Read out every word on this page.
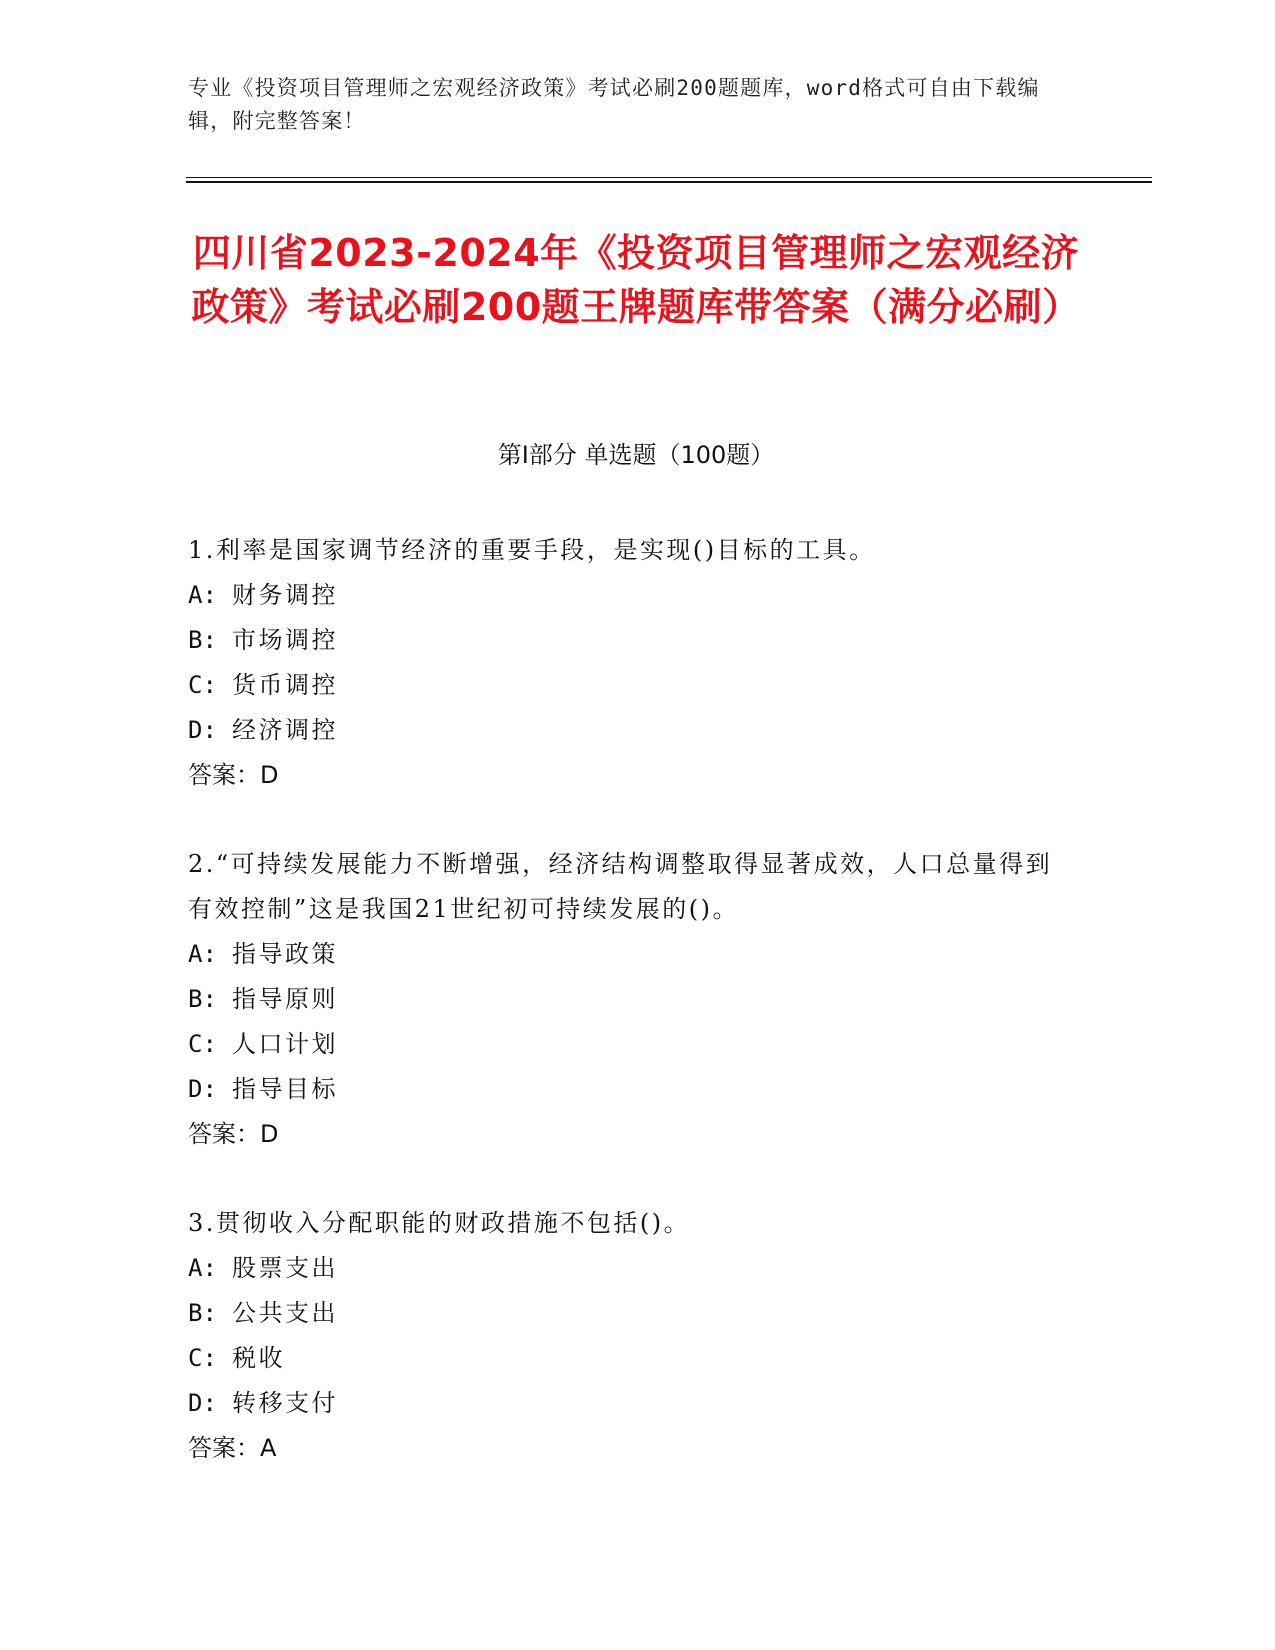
专业《投资项目管理师之宏观经济政策》考试必刷200题题库，word格式可自由下载编辑，附完整答案！
四川省2023-2024年《投资项目管理师之宏观经济政策》考试必刷200题王牌题库带答案（满分必刷）
第I部分 单选题（100题）

1.利率是国家调节经济的重要手段，是实现()目标的工具。

A: 财务调控

B: 市场调控

C: 货币调控

D: 经济调控

答案：D

2.“可持续发展能力不断增强，经济结构调整取得显著成效，人口总量得到有效控制”这是我国21世纪初可持续发展的()。

A: 指导政策

B: 指导原则

C: 人口计划

D: 指导目标

答案：D

3.贯彻收入分配职能的财政措施不包括()。

A: 股票支出

B: 公共支出

C: 税收

D: 转移支付

答案：A
